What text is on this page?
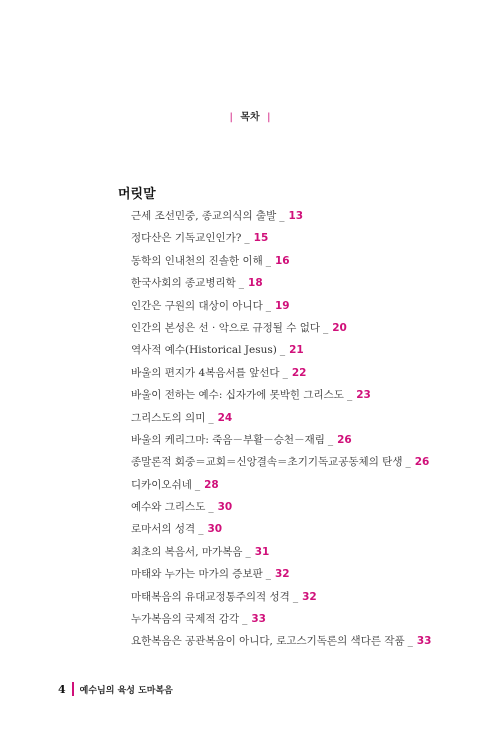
| 목차 |
머릿말
근세 조선민중, 종교의식의 출발 _ 13
정다산은 기독교인인가? _ 15
동학의 인내천의 진솔한 이해 _ 16
한국사회의 종교병리학 _ 18
인간은 구원의 대상이 아니다 _ 19
인간의 본성은 선 · 악으로 규정될 수 없다 _ 20
역사적 예수(Historical Jesus) _ 21
바울의 편지가 4복음서를 앞선다 _ 22
바울이 전하는 예수: 십자가에 못박힌 그리스도 _ 23
그리스도의 의미 _ 24
바울의 케리그마: 죽음－부활－승천－재림 _ 26
종말론적 회중＝교회＝신앙결속＝초기기독교공동체의 탄생 _ 26
디카이오쉬네 _ 28
예수와 그리스도 _ 30
로마서의 성격 _ 30
최초의 복음서, 마가복음 _ 31
마태와 누가는 마가의 증보판 _ 32
마태복음의 유대교정통주의적 성격 _ 32
누가복음의 국제적 감각 _ 33
요한복음은 공관복음이 아니다, 로고스기독론의 색다른 작품 _ 33
4 예수님의 육성 도마복음
